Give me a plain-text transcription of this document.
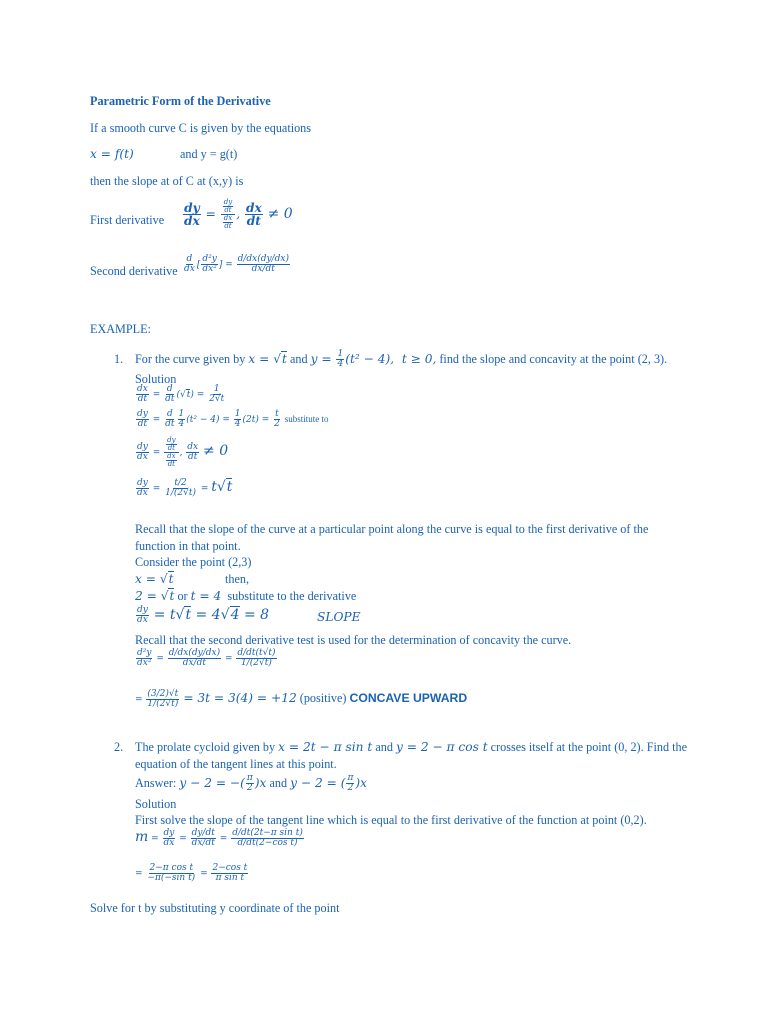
Parametric Form of the Derivative
If a smooth curve C is given by the equations
x = f(t)	and y = g(t)
then the slope at of C at (x,y) is
First derivative $\frac{dy}{dx} = \frac{\frac{dy}{dt}}{\frac{dx}{dt}}$ , $\frac{dx}{dt} \ne 0$
Second derivative $\frac{d}{dx}$ [ $\frac{\text{d²y}}{\text{dx²}}$ ] = $\frac{d/dx(dy/dx)}{dx/dt}$
EXAMPLE:
1. For the curve given by x = √t and $y = \frac{1}{4} (t^2 - 4)$,  t ≥ 0, find the slope and concavity at the point (2, 3).
Solution
$\frac{dx}{dt} = \frac{d}{dt} (√t) = \frac{1}{2√t}$
$\frac{dy}{dt} = \frac{d}{dt} \frac{1}{4} (t^2 - 4) = \frac{1}{4} (2t) = \frac{t}{2}$ substitute to
$\frac{dy}{dx} = \frac{\frac{dy}{dt}}{\frac{dx}{dt}}$ , $\frac{dx}{dt} \ne 0$
$\frac{dy}{dx} = \frac{t/2}{1/(2√t)} = t√t$
Recall that the slope of the curve at a particular point along the curve is equal to the first derivative of the
function in that point.
Consider the point (2,3)
x = √t	then,
2 = √t or t = 4 substitute to the derivative
$\frac{dy}{dx} = t√t = 4√4 = 8$	SLOPE
Recall that the second derivative test is used for the determination of concavity the curve.
$\frac{\text{d²y}}{\text{dx²}} = \frac{d/dx(dy/dx)}{dx/dt} = \frac{d/dt(t√t)}{1/(2√t)}$
= $\frac{(3/2)√t}{1/(2√t)} = 3t = 3(4) = +12$ (positive) CONCAVE UPWARD
2. The prolate cycloid given by x = 2t − π sin t and y = 2 − π cos t crosses itself at the point (0, 2). Find the
equation of the tangent lines at this point.
Answer: y − 2 = −( $\frac{\pi}{2} )x$ and y − 2 = ( $\frac{\pi}{2} )x$
Solution
First solve the slope of the tangent line which is equal to the first derivative of the function at point (0,2).
$m = \frac{dy}{dx} = \frac{dy/dt}{dx/dt} = \frac{\text{d/dt(2t−π sin t)}}{\text{d/dt(2−cos t)}}$
= $\frac{\text{2−π cos t}}{\text{−π(−sin t)}} = \frac{\text{2−cos t}}{\text{π sin t}}$
Solve for t by substituting y coordinate of the point
